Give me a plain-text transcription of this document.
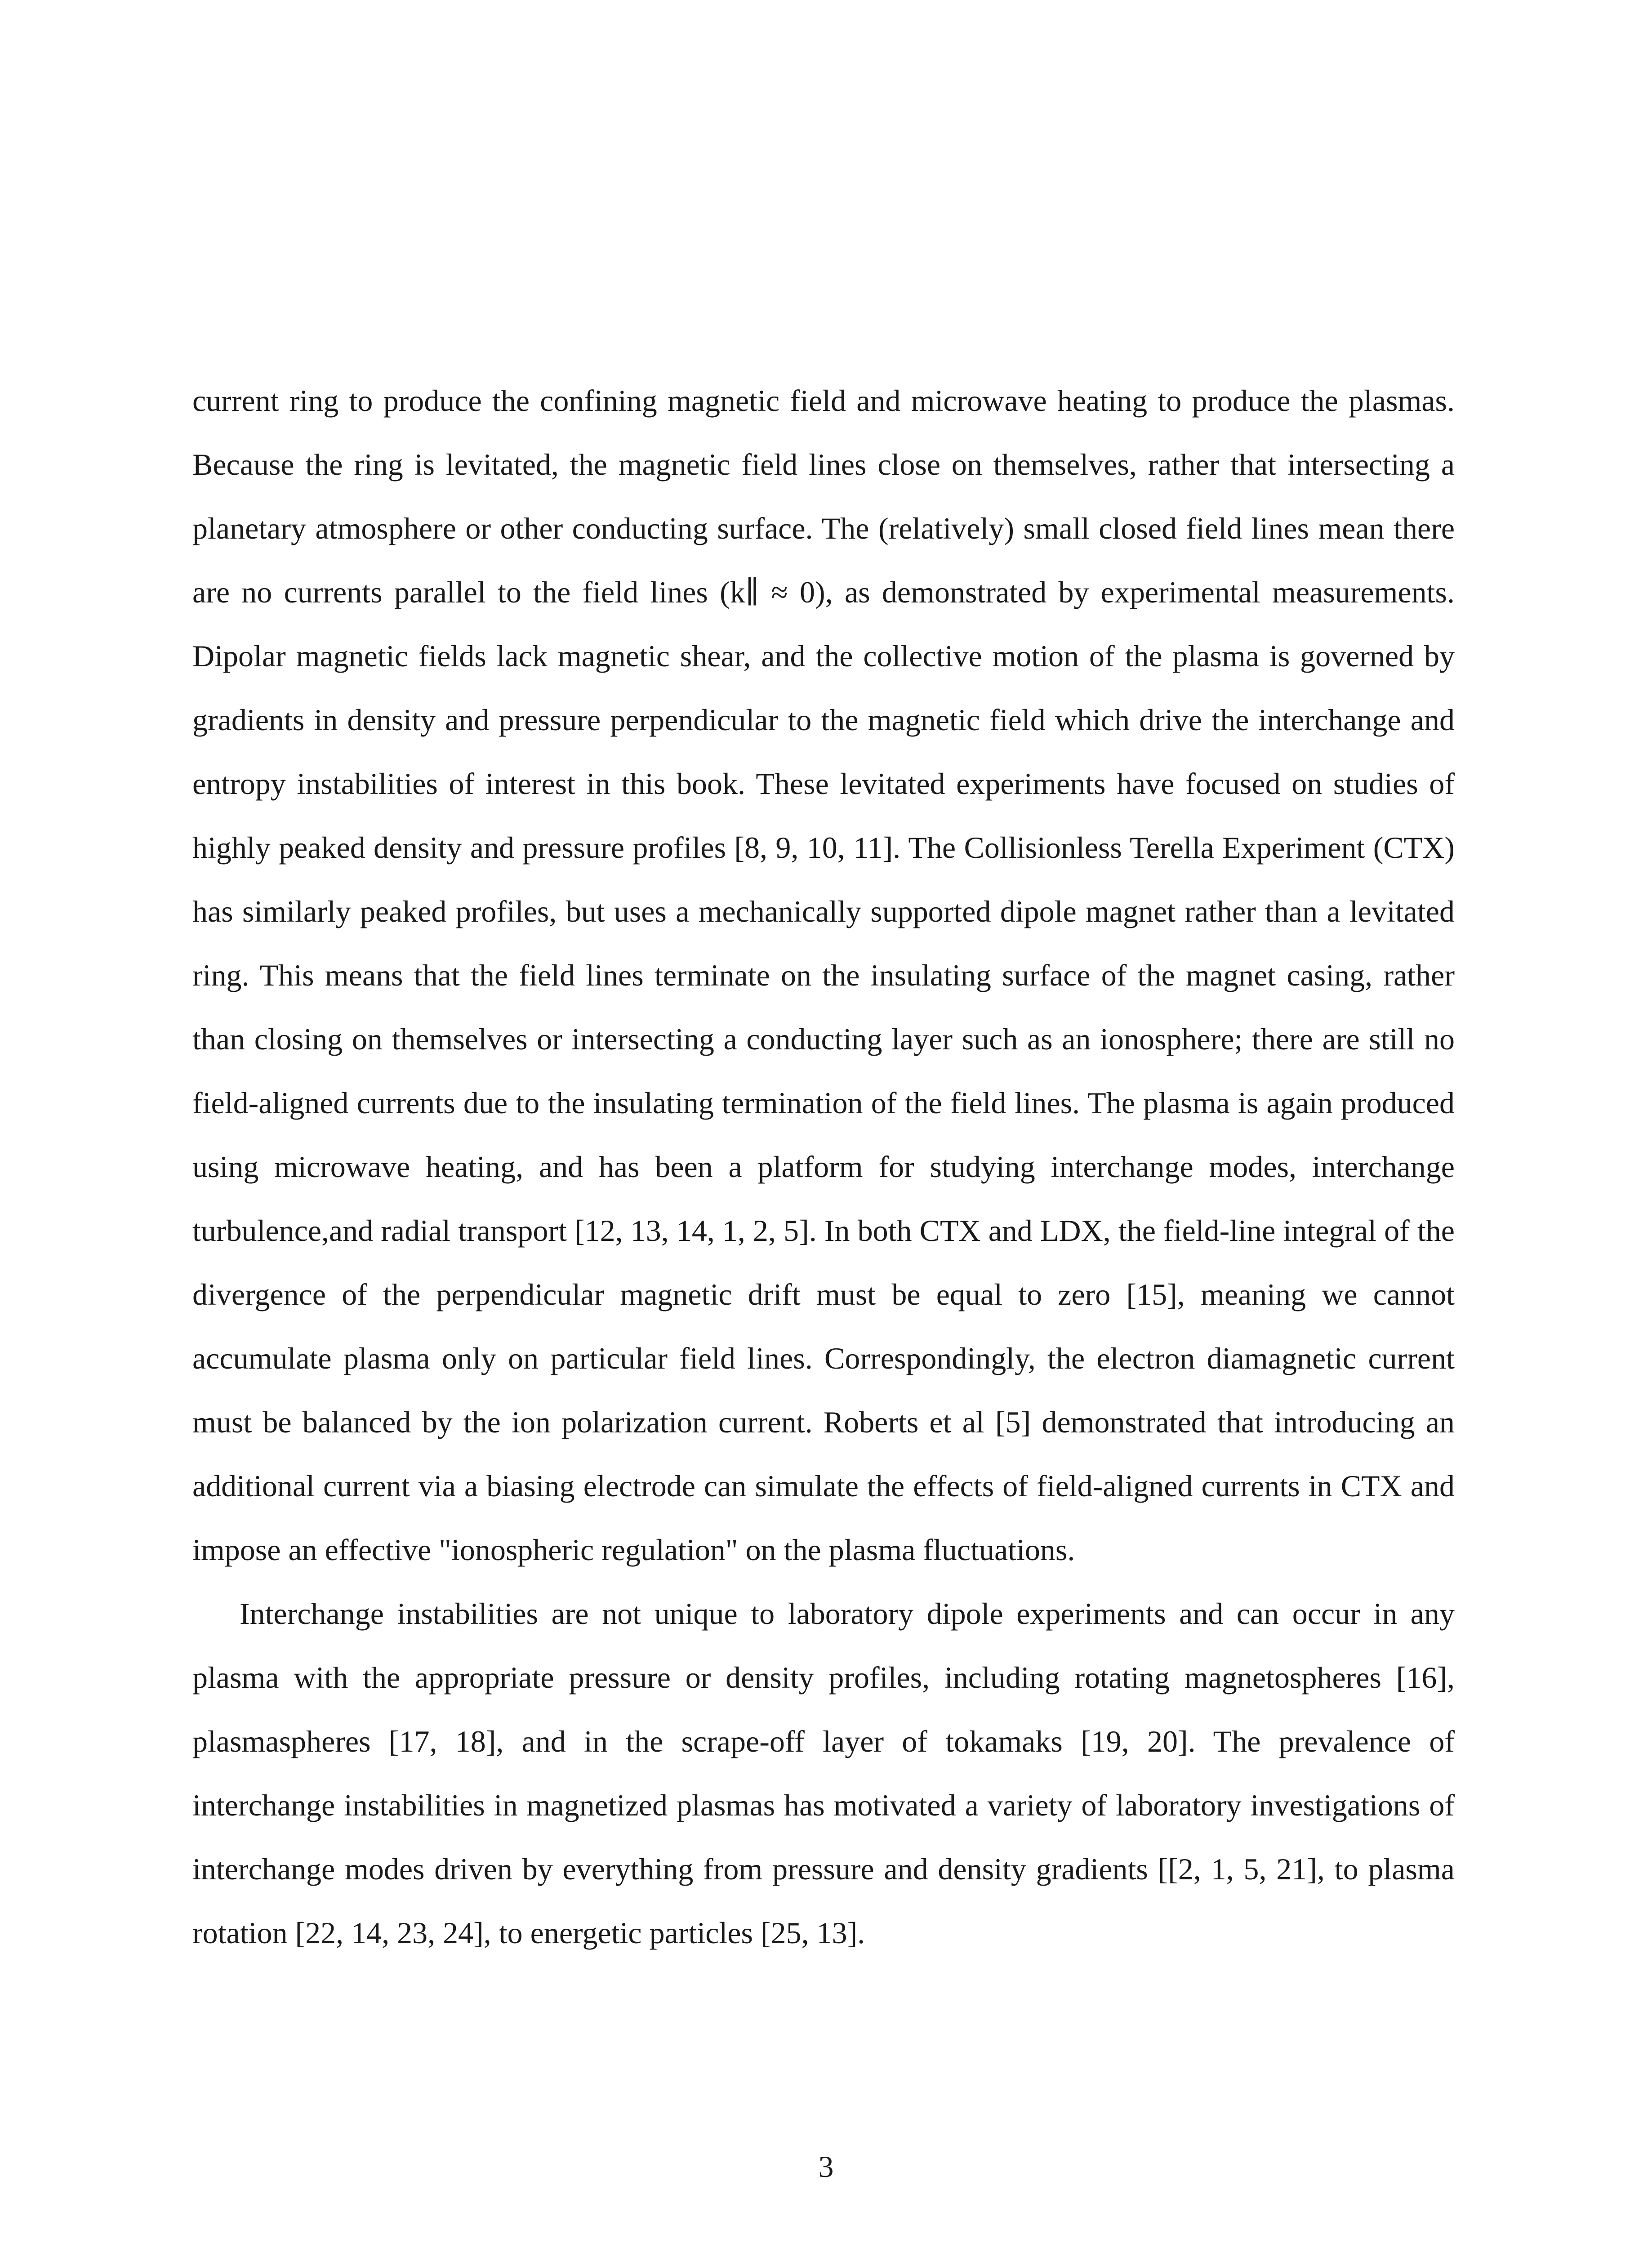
current ring to produce the confining magnetic field and microwave heating to produce the plasmas. Because the ring is levitated, the magnetic field lines close on themselves, rather that intersecting a planetary atmosphere or other conducting surface. The (relatively) small closed field lines mean there are no currents parallel to the field lines (k∥ ≈ 0), as demonstrated by experimental measurements. Dipolar magnetic fields lack magnetic shear, and the collective motion of the plasma is governed by gradients in density and pressure perpendicular to the magnetic field which drive the interchange and entropy instabilities of interest in this book. These levitated experiments have focused on studies of highly peaked density and pressure profiles [8, 9, 10, 11]. The Collisionless Terella Experiment (CTX) has similarly peaked profiles, but uses a mechanically supported dipole magnet rather than a levitated ring. This means that the field lines terminate on the insulating surface of the magnet casing, rather than closing on themselves or intersecting a conducting layer such as an ionosphere; there are still no field-aligned currents due to the insulating termination of the field lines. The plasma is again produced using microwave heating, and has been a platform for studying interchange modes, interchange turbulence,and radial transport [12, 13, 14, 1, 2, 5]. In both CTX and LDX, the field-line integral of the divergence of the perpendicular magnetic drift must be equal to zero [15], meaning we cannot accumulate plasma only on particular field lines. Correspondingly, the electron diamagnetic current must be balanced by the ion polarization current. Roberts et al [5] demonstrated that introducing an additional current via a biasing electrode can simulate the effects of field-aligned currents in CTX and impose an effective "ionospheric regulation" on the plasma fluctuations.

Interchange instabilities are not unique to laboratory dipole experiments and can occur in any plasma with the appropriate pressure or density profiles, including rotating magnetospheres [16], plasmaspheres [17, 18], and in the scrape-off layer of tokamaks [19, 20]. The prevalence of interchange instabilities in magnetized plasmas has motivated a variety of laboratory investigations of interchange modes driven by everything from pressure and density gradients [[2, 1, 5, 21], to plasma rotation [22, 14, 23, 24], to energetic particles [25, 13].

3
